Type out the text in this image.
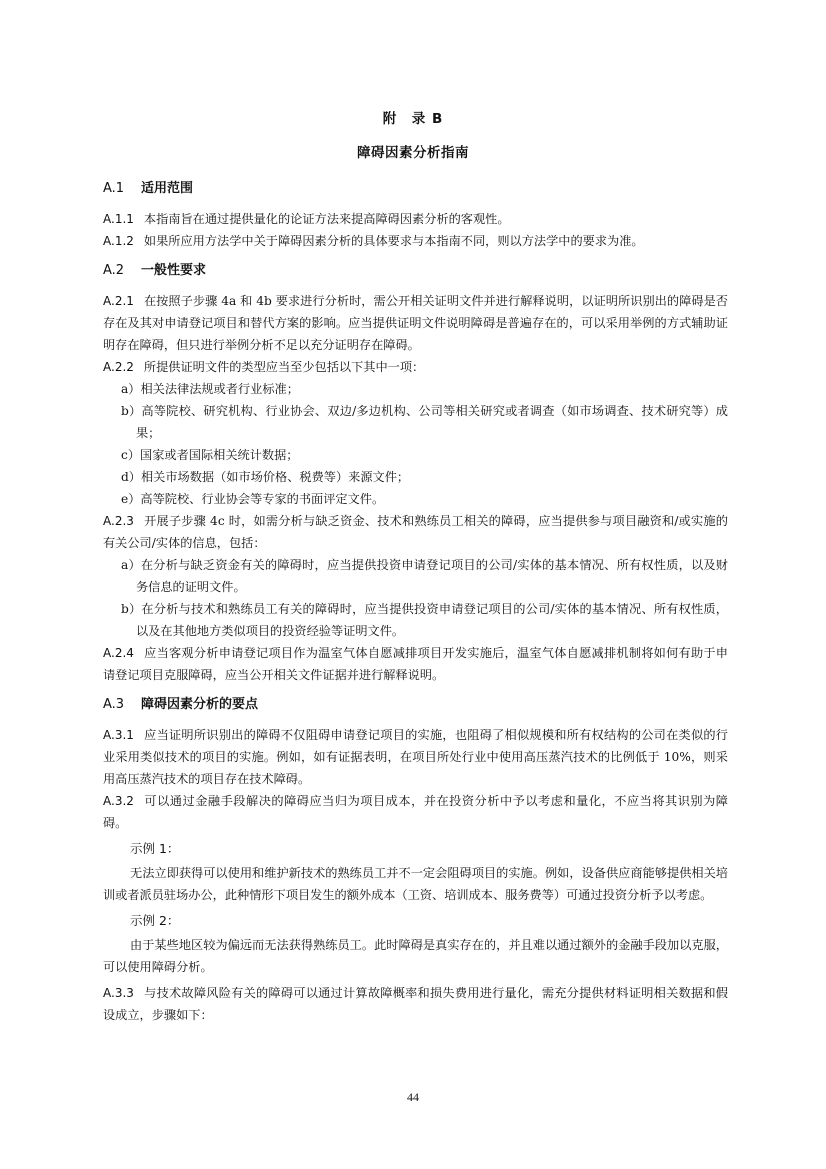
附　录 B
障碍因素分析指南
A.1 适用范围

A.1.1 本指南旨在通过提供量化的论证方法来提高障碍因素分析的客观性。

A.1.2 如果所应用方法学中关于障碍因素分析的具体要求与本指南不同，则以方法学中的要求为准。

A.2 一般性要求

A.2.1 在按照子步骤 4a 和 4b 要求进行分析时，需公开相关证明文件并进行解释说明，以证明所识别出的障碍是否存在及其对申请登记项目和替代方案的影响。应当提供证明文件说明障碍是普遍存在的，可以采用举例的方式辅助证明存在障碍，但只进行举例分析不足以充分证明存在障碍。

A.2.2 所提供证明文件的类型应当至少包括以下其中一项：

a）相关法律法规或者行业标准；

b）高等院校、研究机构、行业协会、双边/多边机构、公司等相关研究或者调查（如市场调查、技术研究等）成果；

c）国家或者国际相关统计数据；

d）相关市场数据（如市场价格、税费等）来源文件；

e）高等院校、行业协会等专家的书面评定文件。

A.2.3 开展子步骤 4c 时，如需分析与缺乏资金、技术和熟练员工相关的障碍，应当提供参与项目融资和/或实施的有关公司/实体的信息，包括：

a）在分析与缺乏资金有关的障碍时，应当提供投资申请登记项目的公司/实体的基本情况、所有权性质，以及财务信息的证明文件。

b）在分析与技术和熟练员工有关的障碍时，应当提供投资申请登记项目的公司/实体的基本情况、所有权性质，以及在其他地方类似项目的投资经验等证明文件。

A.2.4 应当客观分析申请登记项目作为温室气体自愿减排项目开发实施后，温室气体自愿减排机制将如何有助于申请登记项目克服障碍，应当公开相关文件证据并进行解释说明。

A.3 障碍因素分析的要点

A.3.1 应当证明所识别出的障碍不仅阻碍申请登记项目的实施，也阻碍了相似规模和所有权结构的公司在类似的行业采用类似技术的项目的实施。例如，如有证据表明，在项目所处行业中使用高压蒸汽技术的比例低于 10%，则采用高压蒸汽技术的项目存在技术障碍。

A.3.2 可以通过金融手段解决的障碍应当归为项目成本，并在投资分析中予以考虑和量化，不应当将其识别为障碍。

示例 1：

无法立即获得可以使用和维护新技术的熟练员工并不一定会阻碍项目的实施。例如，设备供应商能够提供相关培训或者派员驻场办公，此种情形下项目发生的额外成本（工资、培训成本、服务费等）可通过投资分析予以考虑。

示例 2：

由于某些地区较为偏远而无法获得熟练员工。此时障碍是真实存在的，并且难以通过额外的金融手段加以克服，可以使用障碍分析。

A.3.3 与技术故障风险有关的障碍可以通过计算故障概率和损失费用进行量化，需充分提供材料证明相关数据和假设成立，步骤如下：

44
